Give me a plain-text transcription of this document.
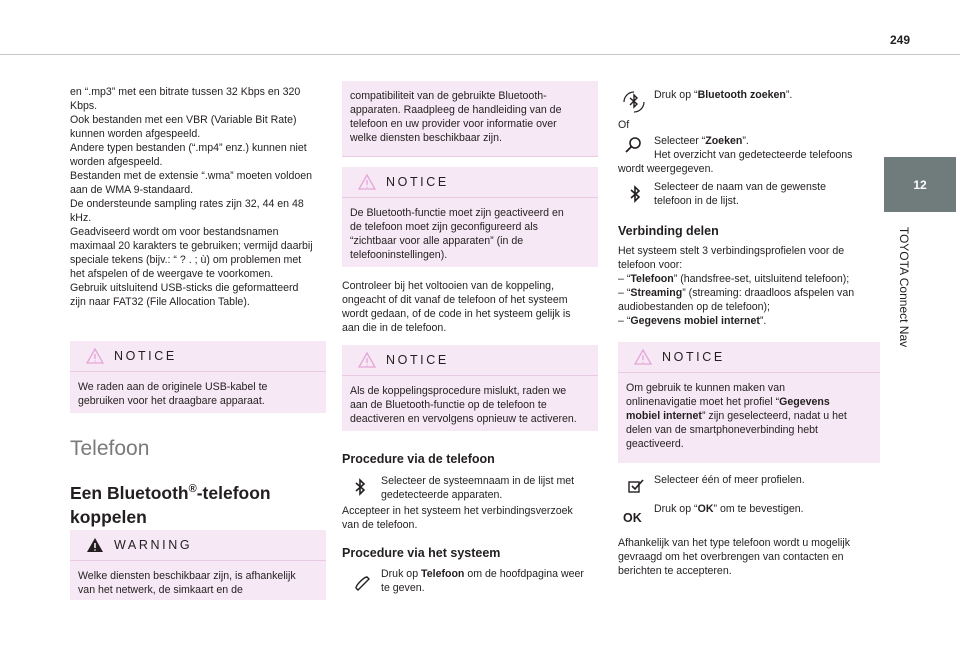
249
12
TOYOTA Connect Nav

en “.mp3” met een bitrate tussen 32 Kbps en 320

Kbps.

Ook bestanden met een VBR (Variable Bit Rate)

kunnen worden afgespeeld.

Andere typen bestanden (“.mp4” enz.) kunnen niet

worden afgespeeld.

Bestanden met de extensie “.wma” moeten voldoen

aan de WMA 9-standaard.

De ondersteunde sampling rates zijn 32, 44 en 48

kHz.

Geadviseerd wordt om voor bestandsnamen

maximaal 20 karakters te gebruiken; vermijd daarbij

speciale tekens (bijv.: “ ? . ; ù) om problemen met

het afspelen of de weergave te voorkomen.

Gebruik uitsluitend USB-sticks die geformatteerd

zijn naar FAT32 (File Allocation Table).

NOTICE

We raden aan de originele USB-kabel te

gebruiken voor het draagbare apparaat.

Telefoon
Een Bluetooth®-telefoon
koppelen
WARNING

Welke diensten beschikbaar zijn, is afhankelijk

van het netwerk, de simkaart en de

compatibiliteit van de gebruikte Bluetooth-

apparaten. Raadpleeg de handleiding van de

telefoon en uw provider voor informatie over

welke diensten beschikbaar zijn.

NOTICE

De Bluetooth-functie moet zijn geactiveerd en

de telefoon moet zijn geconfigureerd als

“zichtbaar voor alle apparaten” (in de

telefooninstellingen).

Controleer bij het voltooien van de koppeling,

ongeacht of dit vanaf de telefoon of het systeem

wordt gedaan, of de code in het systeem gelijk is

aan die in de telefoon.

NOTICE

Als de koppelingsprocedure mislukt, raden we

aan de Bluetooth-functie op de telefoon te

deactiveren en vervolgens opnieuw te activeren.

Procedure via de telefoon

Selecteer de systeemnaam in de lijst met

gedetecteerde apparaten.

Accepteer in het systeem het verbindingsverzoek

van de telefoon.

Procedure via het systeem

Druk op Telefoon om de hoofdpagina weer

te geven.

Druk op “Bluetooth zoeken”.
Of

Selecteer “Zoeken”.

Het overzicht van gedetecteerde telefoons

wordt weergegeven.

Selecteer de naam van de gewenste

telefoon in de lijst.

Verbinding delen

Het systeem stelt 3 verbindingsprofielen voor de

telefoon voor:

– “Telefoon” (handsfree-set, uitsluitend telefoon);

– “Streaming” (streaming: draadloos afspelen van

audiobestanden op de telefoon);

– “Gegevens mobiel internet”.

NOTICE

Om gebruik te kunnen maken van

onlinenavigatie moet het profiel “Gegevens

mobiel internet” zijn geselecteerd, nadat u het

delen van de smartphoneverbinding hebt

geactiveerd.

Selecteer één of meer profielen.
OK
Druk op “OK” om te bevestigen.

Afhankelijk van het type telefoon wordt u mogelijk

gevraagd om het overbrengen van contacten en

berichten te accepteren.
